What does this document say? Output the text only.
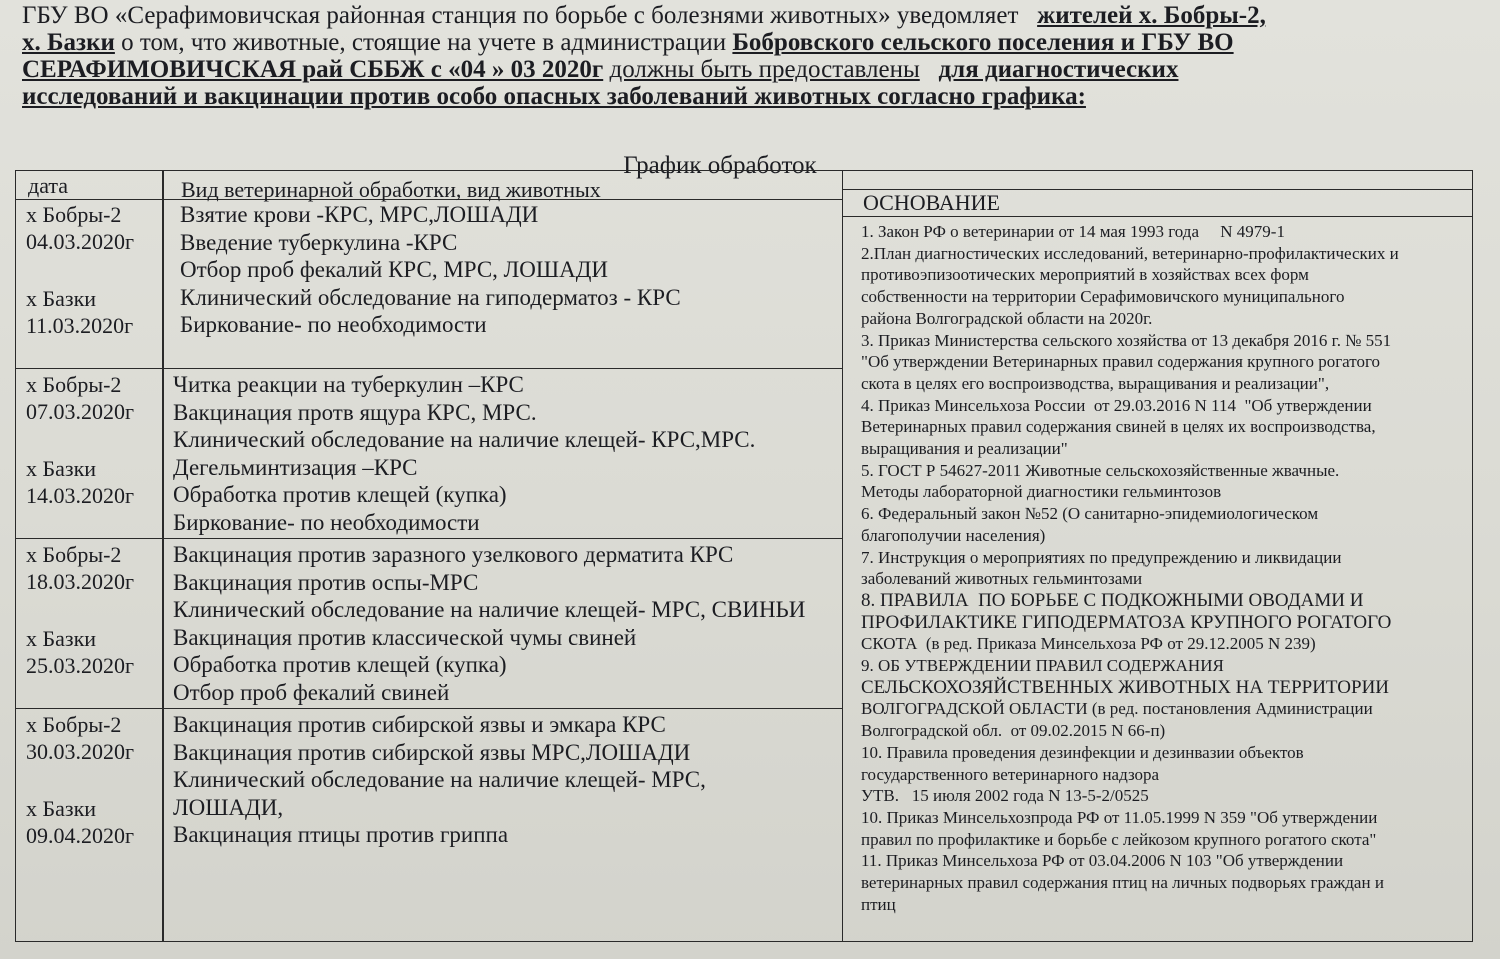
ГБУ ВО «Серафимовичская районная станция по борьбе с болезнями животных» уведомляет жителей х. Бобры-2,

х. Базки о том, что животные, стоящие на учете в администрации Бобровского сельского поселения и ГБУ ВО

СЕРАФИМОВИЧСКАЯ рай СББЖ с «04 » 03 2020г должны быть предоставлены для диагностических

исследований и вакцинации против особо опасных заболеваний животных согласно графика:

График обработок
дата	Вид ветеринарной обработки, вид животных
х Бобры-2
04.03.2020г
х Базки
11.03.2020г
Взятие крови -КРС, МРС,ЛОШАДИ
Введение туберкулина -КРС
Отбор проб фекалий КРС, МРС, ЛОШАДИ
Клинический обследование на гиподерматоз - КРС
Биркование- по необходимости
х Бобры-2
07.03.2020г
х Базки
14.03.2020г
Читка реакции на туберкулин –КРС
Вакцинация протв ящура КРС, МРС.
Клинический обследование на наличие клещей- КРС,МРС.
Дегельминтизация –КРС
Обработка против клещей (купка)
Биркование- по необходимости
х Бобры-2
18.03.2020г
х Базки
25.03.2020г
Вакцинация против заразного узелкового дерматита КРС
Вакцинация против оспы-МРС
Клинический обследование на наличие клещей- МРС, СВИНЬИ
Вакцинация против классической чумы свиней
Обработка против клещей (купка)
Отбор проб фекалий свиней
х Бобры-2
30.03.2020г
х Базки
09.04.2020г
Вакцинация против сибирской язвы и эмкара КРС
Вакцинация против сибирской язвы МРС,ЛОШАДИ
Клинический обследование на наличие клещей- МРС,
ЛОШАДИ,
Вакцинация птицы против гриппа
ОСНОВАНИЕ
1. Закон РФ о ветеринарии от 14 мая 1993 года     N 4979-1
2.План диагностических исследований, ветеринарно-профилактических и
противоэпизоотических мероприятий в хозяйствах всех форм
собственности на территории Серафимовичского муниципального
района Волгоградской области на 2020г.
3. Приказ Министерства сельского хозяйства от 13 декабря 2016 г. № 551
"Об утверждении Ветеринарных правил содержания крупного рогатого
скота в целях его воспроизводства, выращивания и реализации",
4. Приказ Минсельхоза России  от 29.03.2016 N 114  "Об утверждении
Ветеринарных правил содержания свиней в целях их воспроизводства,
выращивания и реализации"
5. ГОСТ Р 54627-2011 Животные сельскохозяйственные жвачные.
Методы лабораторной диагностики гельминтозов
6. Федеральный закон №52 (О санитарно-эпидемиологическом
благополучии населения)
7. Инструкция о мероприятиях по предупреждению и ликвидации
заболеваний животных гельминтозами
8. ПРАВИЛА  ПО БОРЬБЕ С ПОДКОЖНЫМИ ОВОДАМИ И
ПРОФИЛАКТИКЕ ГИПОДЕРМАТОЗА КРУПНОГО РОГАТОГО
СКОТА  (в ред. Приказа Минсельхоза РФ от 29.12.2005 N 239)
9. ОБ УТВЕРЖДЕНИИ ПРАВИЛ СОДЕРЖАНИЯ
СЕЛЬСКОХОЗЯЙСТВЕННЫХ ЖИВОТНЫХ НА ТЕРРИТОРИИ
ВОЛГОГРАДСКОЙ ОБЛАСТИ (в ред. постановления Администрации
Волгоградской обл.  от 09.02.2015 N 66-п)
10. Правила проведения дезинфекции и дезинвазии объектов
государственного ветеринарного надзора
УТВ.   15 июля 2002 года N 13-5-2/0525
10. Приказ Минсельхозпрода РФ от 11.05.1999 N 359 "Об утверждении
правил по профилактике и борьбе с лейкозом крупного рогатого скота"
11. Приказ Минсельхоза РФ от 03.04.2006 N 103 "Об утверждении
ветеринарных правил содержания птиц на личных подворьях граждан и
птиц
